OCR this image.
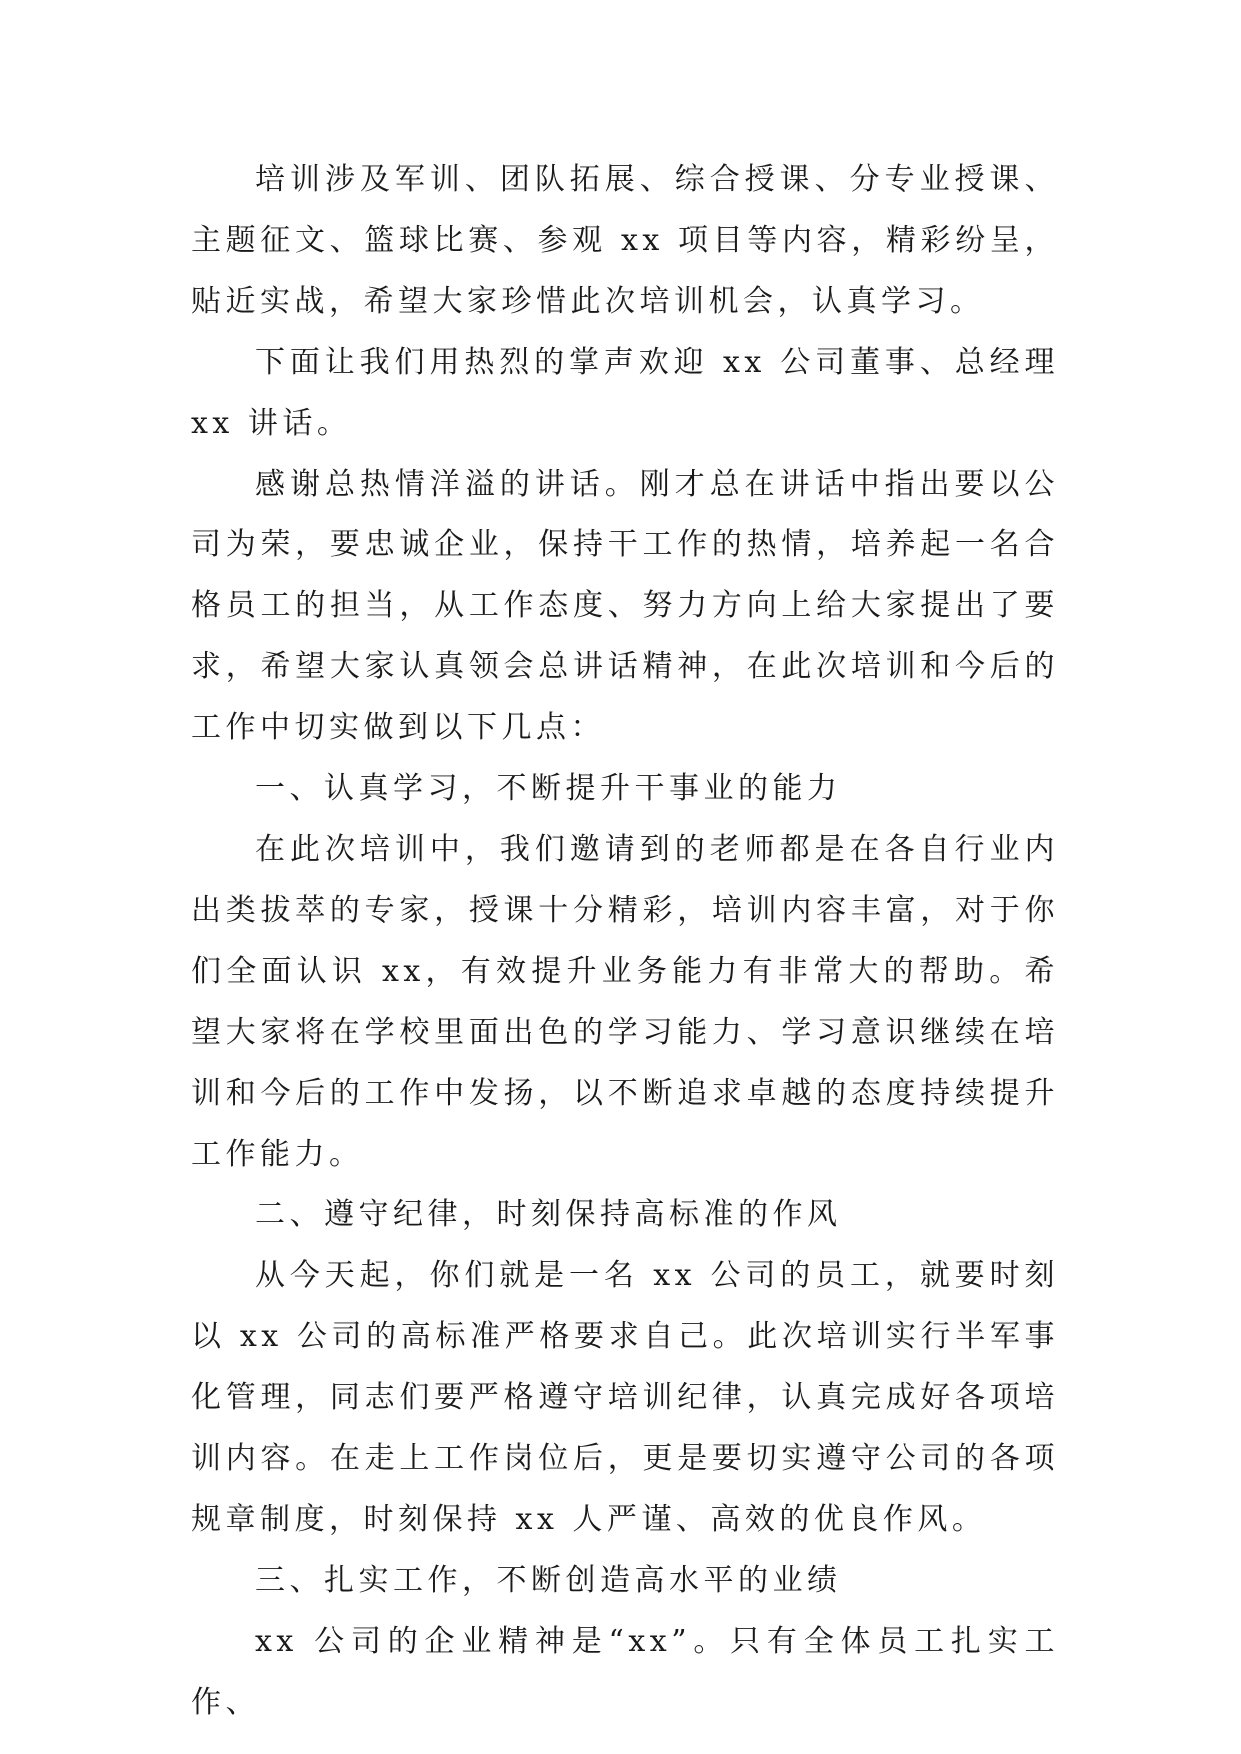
培训涉及军训、团队拓展、综合授课、分专业授课、主题征文、篮球比赛、参观 xx 项目等内容，精彩纷呈，贴近实战，希望大家珍惜此次培训机会，认真学习。

下面让我们用热烈的掌声欢迎 xx 公司董事、总经理 xx 讲话。

感谢总热情洋溢的讲话。刚才总在讲话中指出要以公司为荣，要忠诚企业，保持干工作的热情，培养起一名合格员工的担当，从工作态度、努力方向上给大家提出了要求，希望大家认真领会总讲话精神，在此次培训和今后的工作中切实做到以下几点：

一、认真学习，不断提升干事业的能力

在此次培训中，我们邀请到的老师都是在各自行业内出类拔萃的专家，授课十分精彩，培训内容丰富，对于你们全面认识 xx，有效提升业务能力有非常大的帮助。希望大家将在学校里面出色的学习能力、学习意识继续在培训和今后的工作中发扬，以不断追求卓越的态度持续提升工作能力。

二、遵守纪律，时刻保持高标准的作风

从今天起，你们就是一名 xx 公司的员工，就要时刻以 xx 公司的高标准严格要求自己。此次培训实行半军事化管理，同志们要严格遵守培训纪律，认真完成好各项培训内容。在走上工作岗位后，更是要切实遵守公司的各项规章制度，时刻保持 xx 人严谨、高效的优良作风。

三、扎实工作，不断创造高水平的业绩

xx 公司的企业精神是“xx”。只有全体员工扎实工作、
